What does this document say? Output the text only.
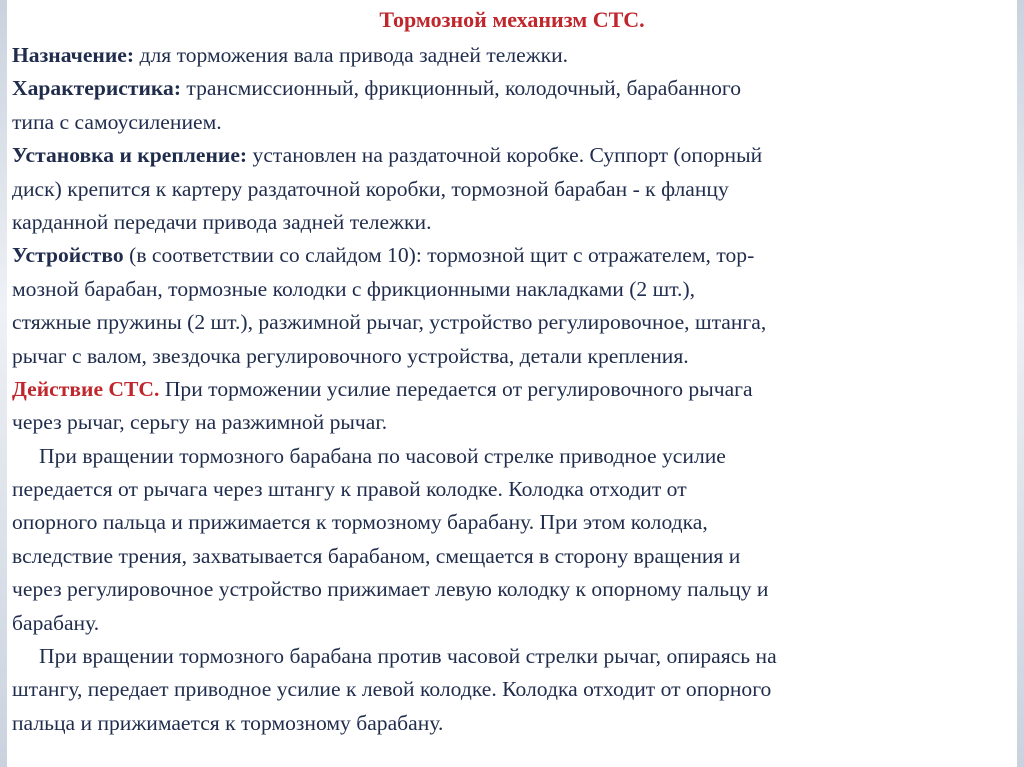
Тормозной механизм СТС.
Назначение: для торможения вала привода задней тележки.
Характеристика: трансмиссионный, фрикционный, колодочный, барабанного
типа с самоусилением.
Установка и крепление: установлен на раздаточной коробке. Суппорт (опорный
диск) крепится к картеру раздаточной коробки, тормозной барабан - к фланцу
карданной передачи привода задней тележки.
Устройство (в соответствии со слайдом 10): тормозной щит с отражателем, тор-
мозной барабан, тормозные колодки с фрикционными накладками (2 шт.),
стяжные пружины (2 шт.), разжимной рычаг, устройство регулировочное, штанга,
рычаг с валом, звездочка регулировочного устройства, детали крепления.
Действие СТС. При торможении усилие передается от регулировочного рычага
через рычаг, серьгу на разжимной рычаг.
При вращении тормозного барабана по часовой стрелке приводное усилие
передается от рычага через штангу к правой колодке. Колодка отходит от
опорного пальца и прижимается к тормозному барабану. При этом колодка,
вследствие трения, захватывается барабаном, смещается в сторону вращения и
через регулировочное устройство прижимает левую колодку к опорному пальцу и
барабану.
При вращении тормозного барабана против часовой стрелки рычаг, опираясь на
штангу, передает приводное усилие к левой колодке. Колодка отходит от опорного
пальца и прижимается к тормозному барабану.
